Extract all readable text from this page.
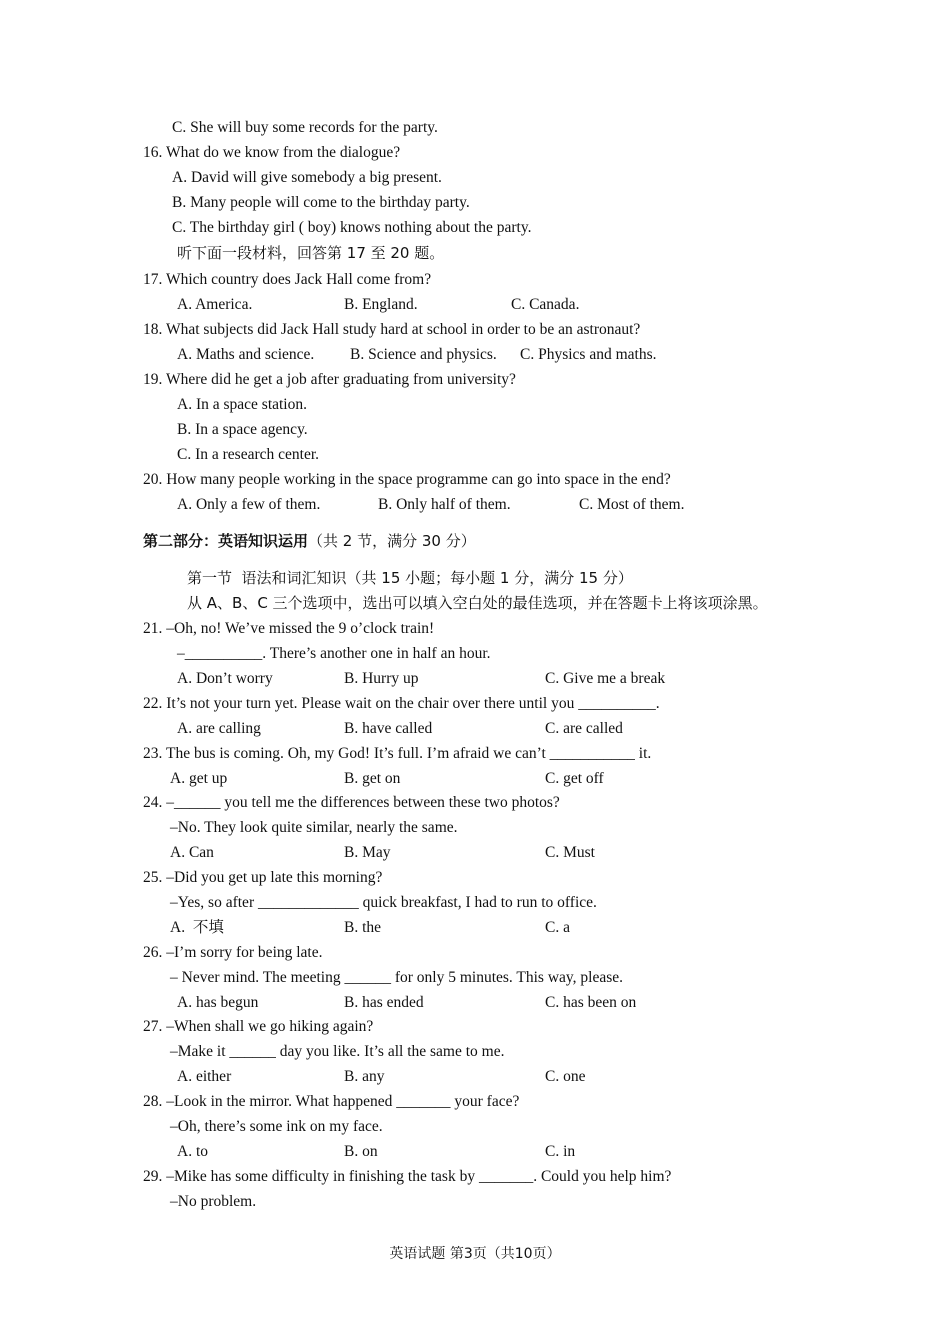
C. She will buy some records for the party.
16. What do we know from the dialogue?
A. David will give somebody a big present.
B. Many people will come to the birthday party.
C. The birthday girl ( boy) knows nothing about the party.
听下面一段材料，回答第 17 至 20 题。
17. Which country does Jack Hall come from?
A. America.	B. England.	C. Canada.
18. What subjects did Jack Hall study hard at school in order to be an astronaut?
A. Maths and science. B. Science and physics. C. Physics and maths.
19. Where did he get a job after graduating from university?
A. In a space station.
B. In a space agency.
C. In a research center.
20. How many people working in the space programme can go into space in the end?
A. Only a few of them.	B. Only half of them.	C. Most of them.
第二部分：英语知识运用（共 2 节，满分 30 分）
第一节  语法和词汇知识（共 15 小题；每小题 1 分，满分 15 分）
从 A、B、C 三个选项中，选出可以填入空白处的最佳选项，并在答题卡上将该项涂黑。
21. –Oh, no! We’ve missed the 9 o’clock train!
–__________. There’s another one in half an hour.
A. Don’t worry	B. Hurry up	C. Give me a break
22. It’s not your turn yet. Please wait on the chair over there until you __________.
A. are calling	B. have called	C. are called
23. The bus is coming. Oh, my God! It’s full. I’m afraid we can’t ___________ it.
A. get up	B. get on	C. get off
24. –______ you tell me the differences between these two photos?
–No. They look quite similar, nearly the same.
A. Can	B. May	C. Must
25. –Did you get up late this morning?
–Yes, so after _____________ quick breakfast, I had to run to office.
A.  不填	B. the	C. a
26. –I’m sorry for being late.
– Never mind. The meeting ______ for only 5 minutes. This way, please.
A. has begun	B. has ended	C. has been on
27. –When shall we go hiking again?
–Make it ______ day you like. It’s all the same to me.
A. either	B. any	C. one
28. –Look in the mirror. What happened _______ your face?
–Oh, there’s some ink on my face.
A. to	B. on	C. in
29. –Mike has some difficulty in finishing the task by _______. Could you help him?
–No problem.
英语试题 第3页（共10页）
